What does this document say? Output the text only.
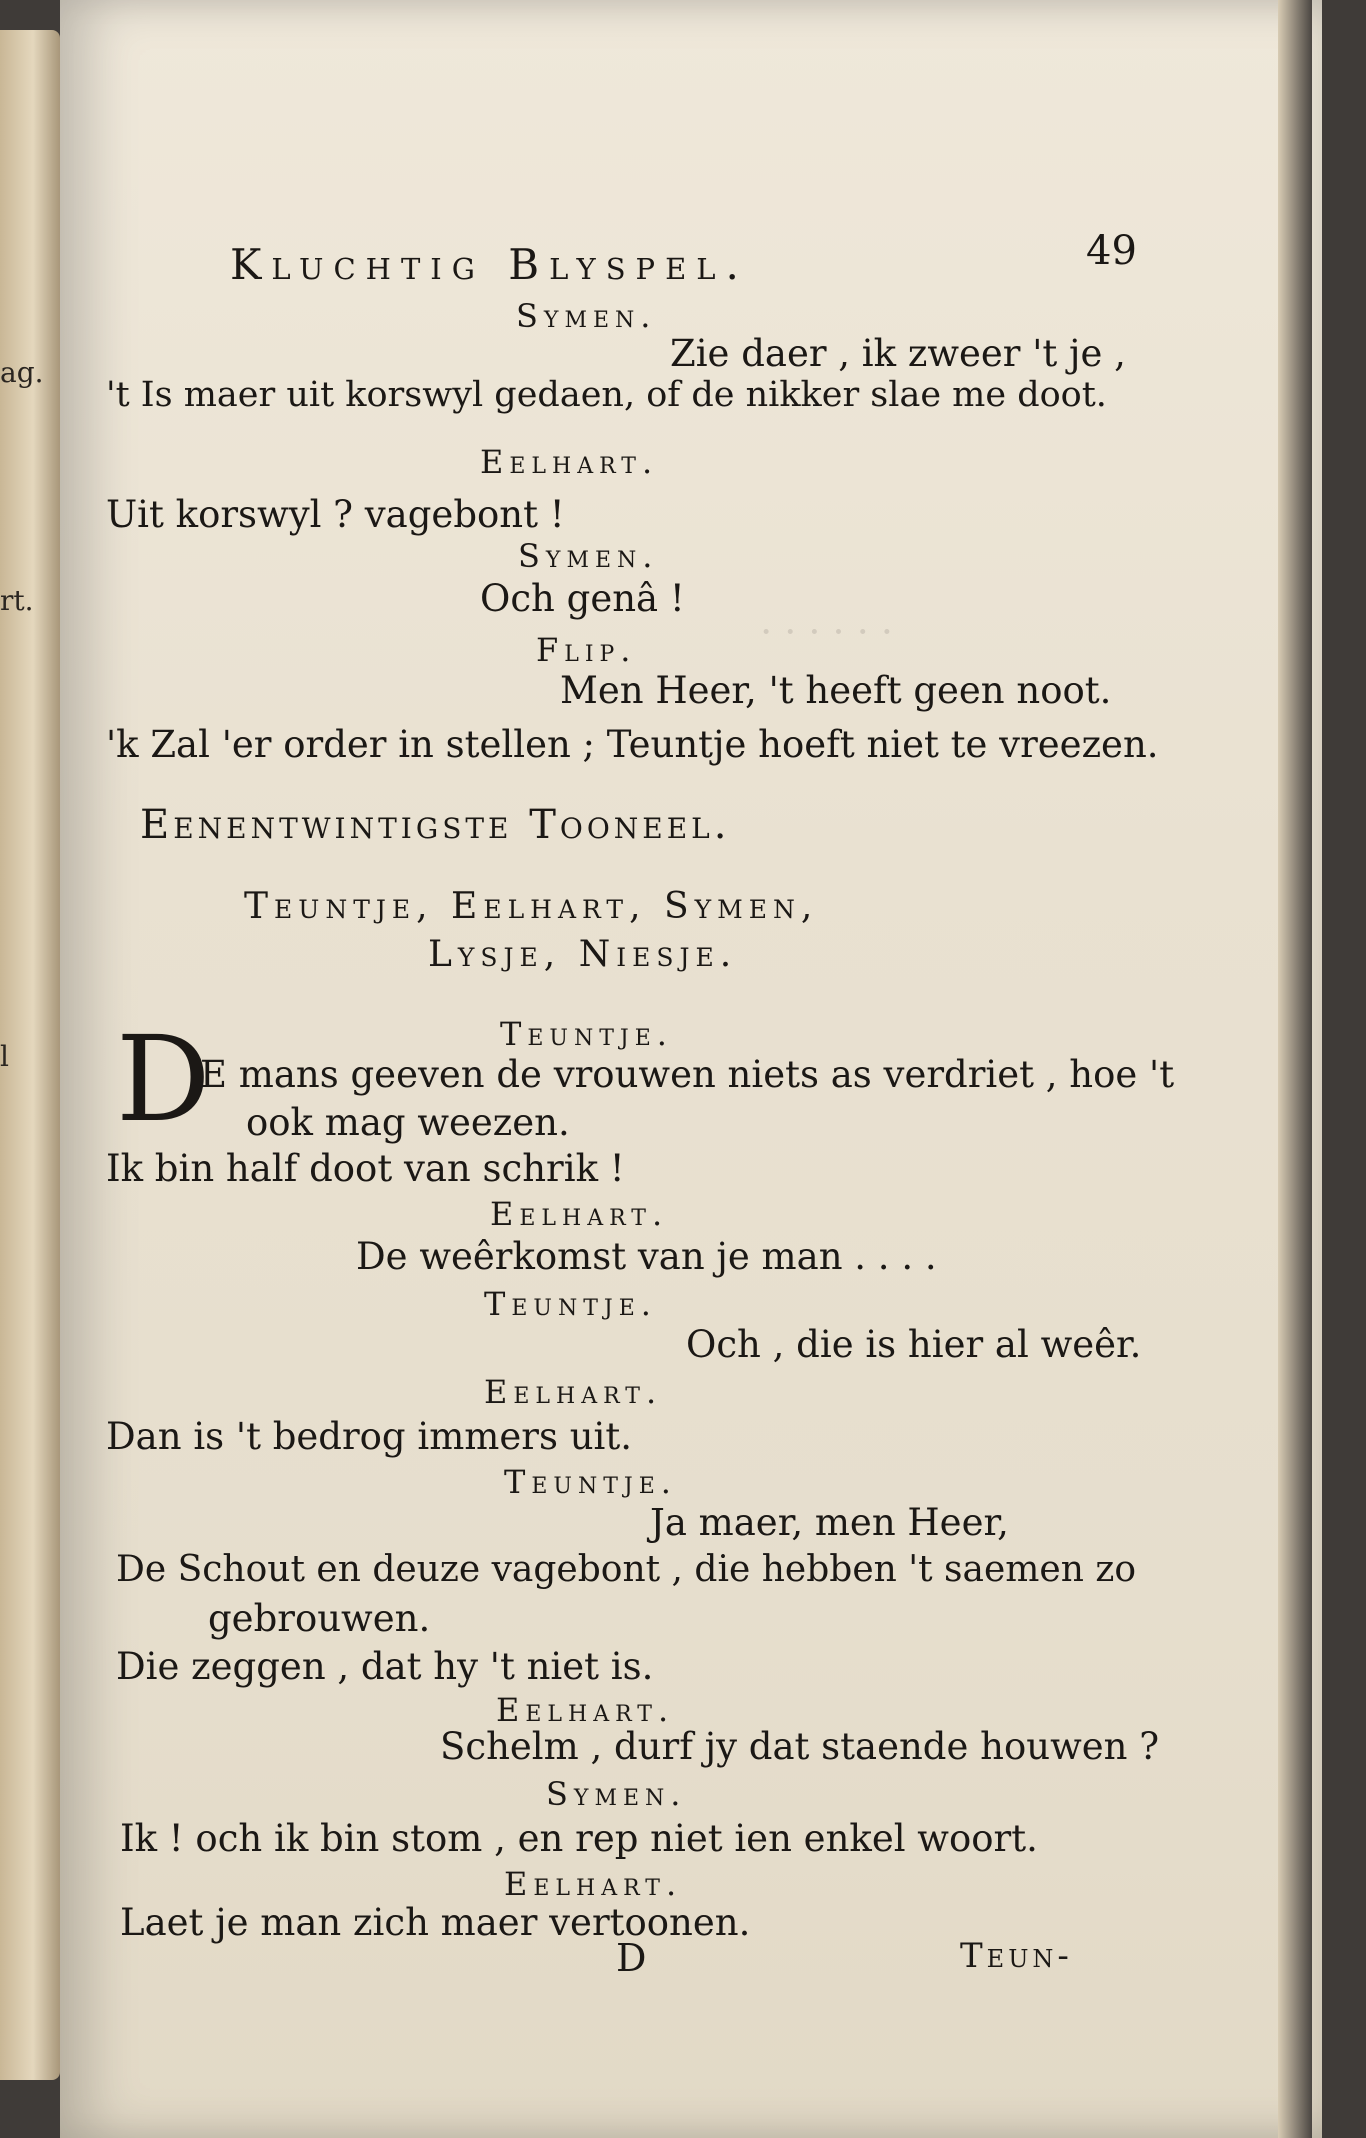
ag.
rt.
l
· · · · · ·
Kluchtig Blyspel.	49
Symen.
Zie daer , ik zweer 't je ,
't Is maer uit korswyl gedaen, of de nikker slae me doot.
Eelhart.
Uit korswyl ? vagebont !
Symen.
Och genâ !
Flip.
Men Heer, 't heeft geen noot.
'k Zal 'er order in stellen ; Teuntje hoeft niet te vreezen.
Eenentwintigste Tooneel.
Teuntje, Eelhart, Symen,
Lysje, Niesje.
Teuntje.
D
E mans geeven de vrouwen niets as verdriet , hoe 't
ook mag weezen.
Ik bin half doot van schrik !
Eelhart.
De weêrkomst van je man . . . .
Teuntje.
Och , die is hier al weêr.
Eelhart.
Dan is 't bedrog immers uit.
Teuntje.
Ja maer, men Heer,
De Schout en deuze vagebont , die hebben 't saemen zo
gebrouwen.
Die zeggen , dat hy 't niet is.
Eelhart.
Schelm , durf jy dat staende houwen ?
Symen.
Ik ! och ik bin stom , en rep niet ien enkel woort.
Eelhart.
Laet je man zich maer vertoonen.
D	Teun-
